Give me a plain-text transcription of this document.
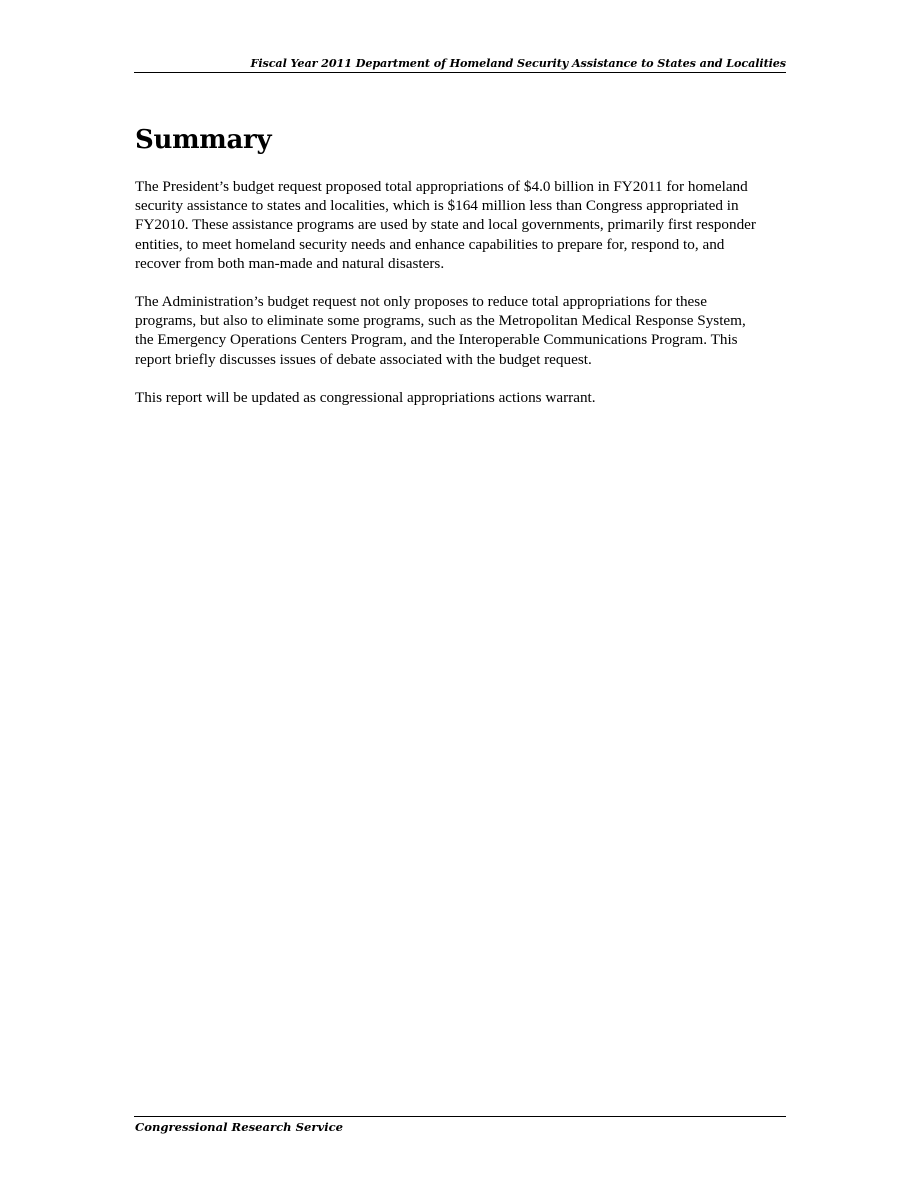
Fiscal Year 2011 Department of Homeland Security Assistance to States and Localities
Summary

The President’s budget request proposed total appropriations of $4.0 billion in FY2011 for homeland security assistance to states and localities, which is $164 million less than Congress appropriated in FY2010. These assistance programs are used by state and local governments, primarily first responder entities, to meet homeland security needs and enhance capabilities to prepare for, respond to, and recover from both man-made and natural disasters.

The Administration’s budget request not only proposes to reduce total appropriations for these programs, but also to eliminate some programs, such as the Metropolitan Medical Response System, the Emergency Operations Centers Program, and the Interoperable Communications Program. This report briefly discusses issues of debate associated with the budget request.

This report will be updated as congressional appropriations actions warrant.

Congressional Research Service
